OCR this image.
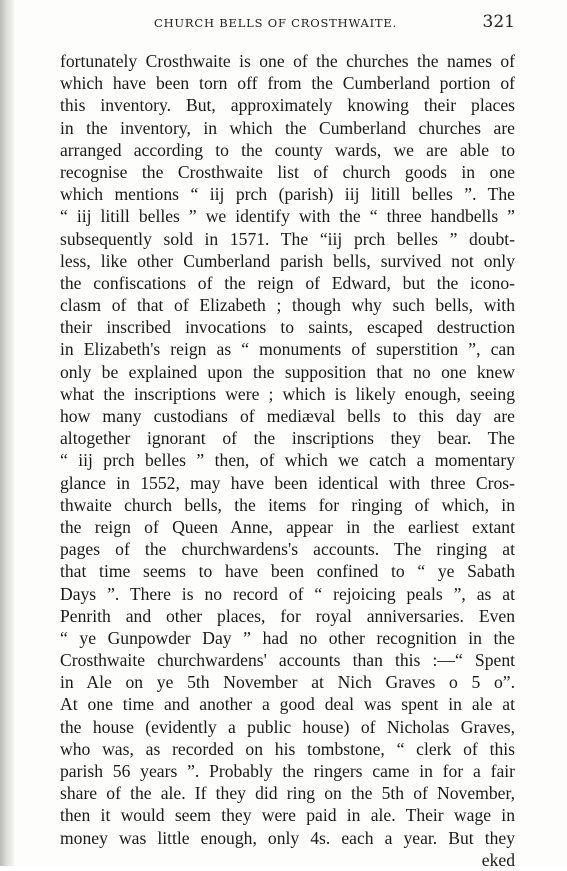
CHURCH BELLS OF CROSTHWAITE.	321
fortunately Crosthwaite is one of the churches the names of
which have been torn off from the Cumberland portion of
this inventory. But, approximately knowing their places
in the inventory, in which the Cumberland churches are
arranged according to the county wards, we are able to
recognise the Crosthwaite list of church goods in one
which mentions “ iij prch (parish) iij litill belles ”. The
“ iij litill belles ” we identify with the “ three handbells ”
subsequently sold in 1571. The “iij prch belles ” doubt-
less, like other Cumberland parish bells, survived not only
the confiscations of the reign of Edward, but the icono-
clasm of that of Elizabeth ; though why such bells, with
their inscribed invocations to saints, escaped destruction
in Elizabeth's reign as “ monuments of superstition ”, can
only be explained upon the supposition that no one knew
what the inscriptions were ; which is likely enough, seeing
how many custodians of mediæval bells to this day are
altogether ignorant of the inscriptions they bear. The
“ iij prch belles ” then, of which we catch a momentary
glance in 1552, may have been identical with three Cros-
thwaite church bells, the items for ringing of which, in
the reign of Queen Anne, appear in the earliest extant
pages of the churchwardens's accounts. The ringing at
that time seems to have been confined to “ ye Sabath
Days ”. There is no record of “ rejoicing peals ”, as at
Penrith and other places, for royal anniversaries. Even
“ ye Gunpowder Day ” had no other recognition in the
Crosthwaite churchwardens' accounts than this :—“ Spent
in Ale on ye 5th November at Nich Graves o 5 o”.
At one time and another a good deal was spent in ale at
the house (evidently a public house) of Nicholas Graves,
who was, as recorded on his tombstone, “ clerk of this
parish 56 years ”. Probably the ringers came in for a fair
share of the ale. If they did ring on the 5th of November,
then it would seem they were paid in ale. Their wage in
money was little enough, only 4s. each a year. But they
eked
